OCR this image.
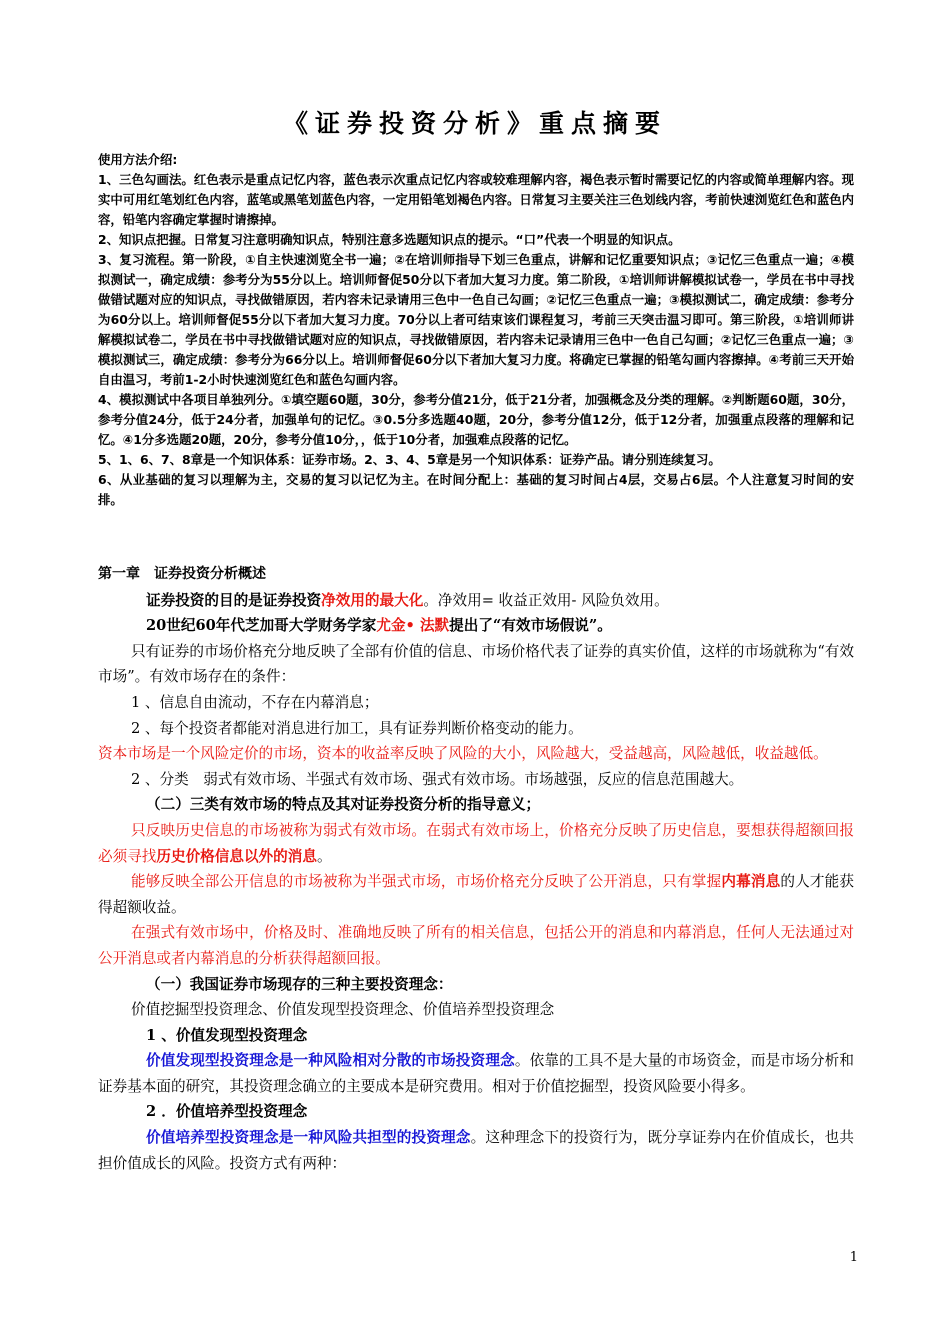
《证券投资分析》重点摘要

使用方法介绍:

1、三色勾画法。红色表示是重点记忆内容，蓝色表示次重点记忆内容或较难理解内容，褐色表示暂时需要记忆的内容或简单理解内容。现实中可用红笔划红色内容，蓝笔或黑笔划蓝色内容，一定用铅笔划褐色内容。日常复习主要关注三色划线内容，考前快速浏览红色和蓝色内容，铅笔内容确定掌握时请擦掉。

2、知识点把握。日常复习注意明确知识点，特别注意多选题知识点的提示。“口”代表一个明显的知识点。

3、复习流程。第一阶段，①自主快速浏览全书一遍；②在培训师指导下划三色重点，讲解和记忆重要知识点；③记忆三色重点一遍；④模拟测试一，确定成绩：参考分为55分以上。培训师督促50分以下者加大复习力度。第二阶段，①培训师讲解模拟试卷一，学员在书中寻找做错试题对应的知识点，寻找做错原因，若内容未记录请用三色中一色自己勾画；②记忆三色重点一遍；③模拟测试二，确定成绩：参考分为60分以上。培训师督促55分以下者加大复习力度。70分以上者可结束该们课程复习，考前三天突击温习即可。第三阶段，①培训师讲解模拟试卷二，学员在书中寻找做错试题对应的知识点，寻找做错原因，若内容未记录请用三色中一色自己勾画；②记忆三色重点一遍；③模拟测试三，确定成绩：参考分为66分以上。培训师督促60分以下者加大复习力度。将确定已掌握的铅笔勾画内容擦掉。④考前三天开始自由温习，考前1-2小时快速浏览红色和蓝色勾画内容。

4、模拟测试中各项目单独列分。①填空题60题，30分，参考分值21分，低于21分者，加强概念及分类的理解。②判断题60题，30分，参考分值24分，低于24分者，加强单句的记忆。③0.5分多选题40题，20分，参考分值12分，低于12分者，加强重点段落的理解和记忆。④1分多选题20题，20分，参考分值10分，，低于10分者，加强难点段落的记忆。

5、1、6、7、8章是一个知识体系：证券市场。2、3、4、5章是另一个知识体系：证券产品。请分别连续复习。

6、从业基础的复习以理解为主，交易的复习以记忆为主。在时间分配上：基础的复习时间占4层，交易占6层。个人注意复习时间的安排。

第一章　证券投资分析概述

证券投资的目的是证券投资净效用的最大化。净效用= 收益正效用- 风险负效用。

20世纪60年代芝加哥大学财务学家尤金• 法默提出了“有效市场假说”。

只有证券的市场价格充分地反映了全部有价值的信息、市场价格代表了证券的真实价值，这样的市场就称为“有效市场”。有效市场存在的条件：

1 、信息自由流动，不存在内幕消息；

2 、每个投资者都能对消息进行加工，具有证券判断价格变动的能力。

资本市场是一个风险定价的市场，资本的收益率反映了风险的大小，风险越大，受益越高，风险越低，收益越低。

2 、分类　弱式有效市场、半强式有效市场、强式有效市场。市场越强，反应的信息范围越大。

（二）三类有效市场的特点及其对证券投资分析的指导意义；

只反映历史信息的市场被称为弱式有效市场。在弱式有效市场上，价格充分反映了历史信息，要想获得超额回报必须寻找历史价格信息以外的消息。

能够反映全部公开信息的市场被称为半强式市场，市场价格充分反映了公开消息，只有掌握内幕消息的人才能获得超额收益。

在强式有效市场中，价格及时、准确地反映了所有的相关信息，包括公开的消息和内幕消息，任何人无法通过对公开消息或者内幕消息的分析获得超额回报。

（一）我国证券市场现存的三种主要投资理念：

价值挖掘型投资理念、价值发现型投资理念、价值培养型投资理念

1 、价值发现型投资理念

价值发现型投资理念是一种风险相对分散的市场投资理念。依靠的工具不是大量的市场资金，而是市场分析和证券基本面的研究，其投资理念确立的主要成本是研究费用。相对于价值挖掘型，投资风险要小得多。

2 ．价值培养型投资理念

价值培养型投资理念是一种风险共担型的投资理念。这种理念下的投资行为，既分享证券内在价值成长，也共担价值成长的风险。投资方式有两种：

1
